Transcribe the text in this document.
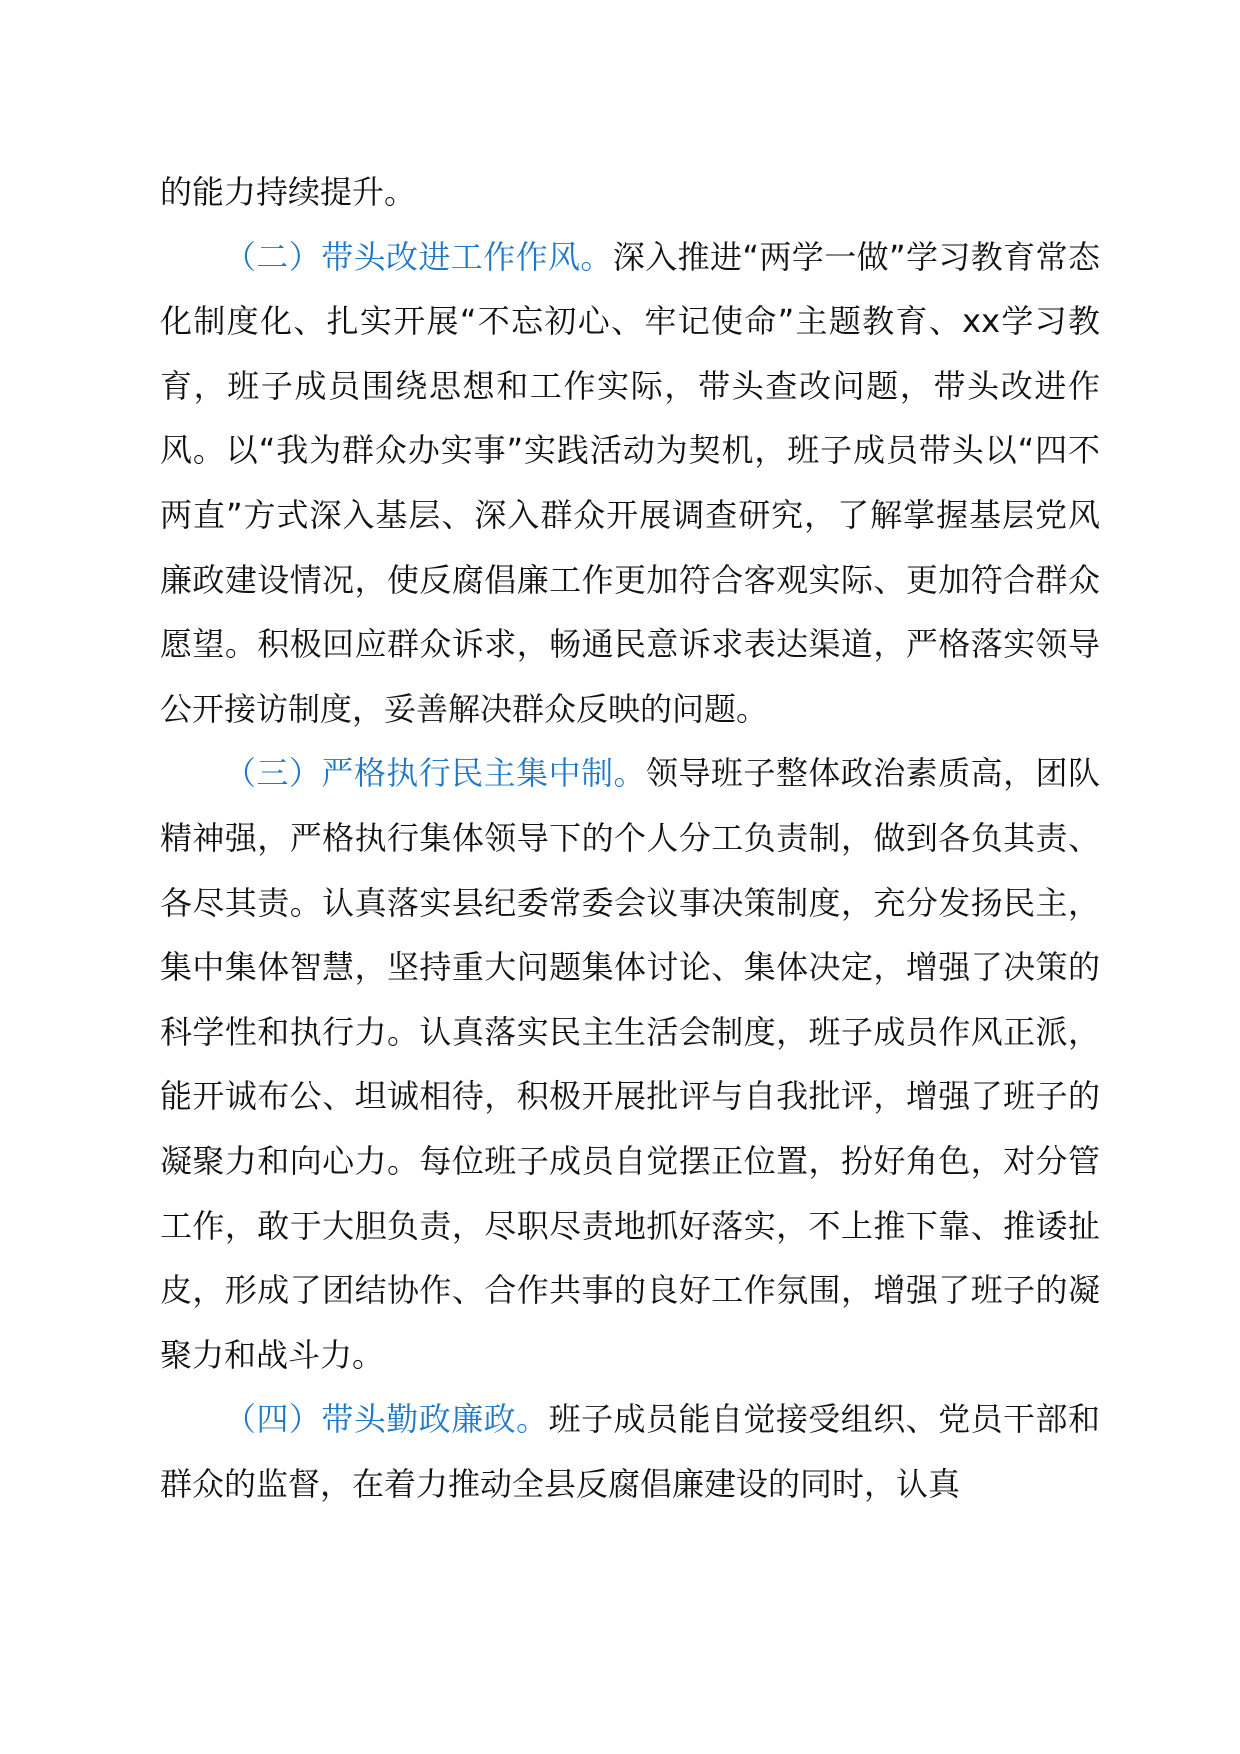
的能力持续提升。

（二）带头改进工作作风。深入推进“两学一做”学习教育常态化制度化、扎实开展“不忘初心、牢记使命”主题教育、xx学习教育，班子成员围绕思想和工作实际，带头查改问题，带头改进作风。以“我为群众办实事”实践活动为契机，班子成员带头以“四不两直”方式深入基层、深入群众开展调查研究，了解掌握基层党风廉政建设情况，使反腐倡廉工作更加符合客观实际、更加符合群众愿望。积极回应群众诉求，畅通民意诉求表达渠道，严格落实领导公开接访制度，妥善解决群众反映的问题。

（三）严格执行民主集中制。领导班子整体政治素质高，团队精神强，严格执行集体领导下的个人分工负责制，做到各负其责、各尽其责。认真落实县纪委常委会议事决策制度，充分发扬民主，集中集体智慧，坚持重大问题集体讨论、集体决定，增强了决策的科学性和执行力。认真落实民主生活会制度，班子成员作风正派，能开诚布公、坦诚相待，积极开展批评与自我批评，增强了班子的凝聚力和向心力。每位班子成员自觉摆正位置，扮好角色，对分管工作，敢于大胆负责，尽职尽责地抓好落实，不上推下靠、推诿扯皮，形成了团结协作、合作共事的良好工作氛围，增强了班子的凝聚力和战斗力。

（四）带头勤政廉政。班子成员能自觉接受组织、党员干部和群众的监督，在着力推动全县反腐倡廉建设的同时，认真
